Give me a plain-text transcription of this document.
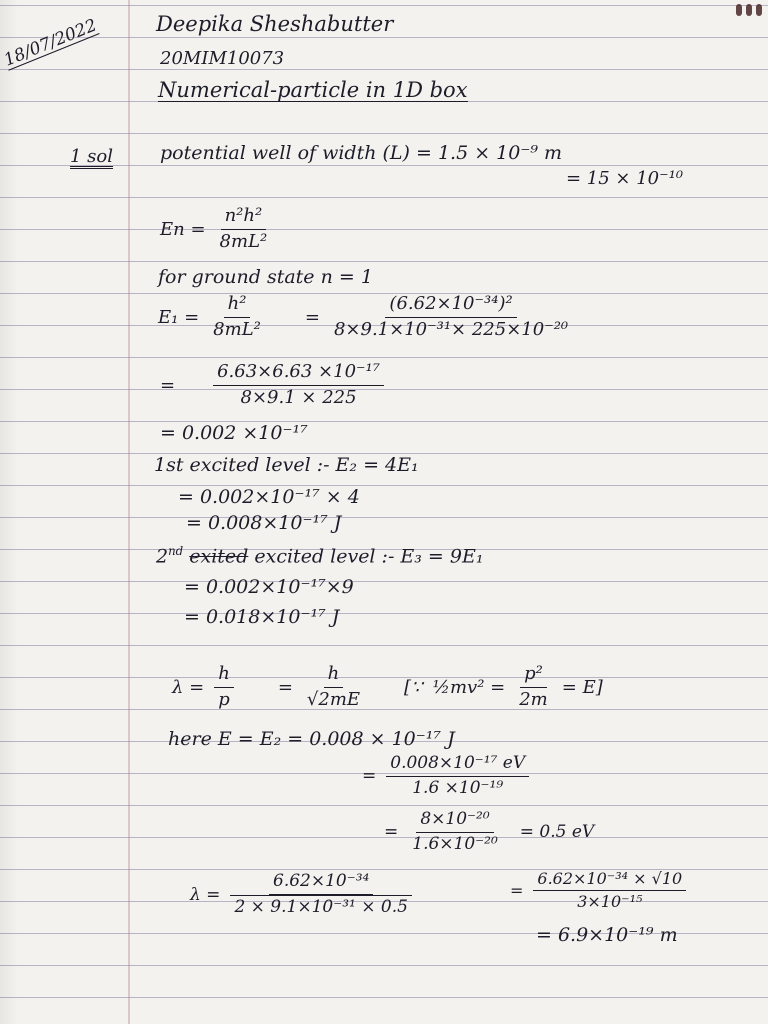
18/07/2022	Deepika Sheshabutter
20MIM10073
Numerical-particle in 1D box
1 sol potential well of width (L) = 1.5 × 10⁻⁹ m
= 15 × 10⁻¹⁰
$En = \frac{\text{n²h²}}{\text{8mL²}}$
for ground state n = 1
$E_1 = \frac{\text{h²}}{\text{8mL²}} = \frac{\text{(6.62×10⁻³⁴)²}}{\text{8×9.1×10⁻³¹× 225×10⁻²⁰}}$
= $\frac{\text{6.63×6.63 ×10⁻¹⁷}}{8\times 9.1 \times 225}$
= 0.002 ×10⁻¹⁷
1st excited level :- E₂ = 4E₁
= 0.002×10⁻¹⁷ × 4
= 0.008×10⁻¹⁷ J
2nd exited excited level :- E₃ = 9E₁
= 0.002×10⁻¹⁷×9
= 0.018×10⁻¹⁷ J
$\lambda = \frac{h}{p} = \frac{h}{√2mE}$ [∵ ½mv² = $\frac{\text{p²}}{2m} = E$]
here E = E₂ = 0.008 × 10⁻¹⁷ J
= $\frac{\text{0.008×10⁻¹⁷ eV}}{\text{1.6 ×10⁻¹⁹}}$
= $\frac{\text{8×10⁻²⁰}}{\text{1.6×10⁻²⁰}} = 0.5$ eV
$\lambda = \frac{\text{6.62×10⁻³⁴}}{\text{2 × 9.1×10⁻³¹ × 0.5}}$	= $\frac{\text{6.62×10⁻³⁴ × √10}}{\text{3×10⁻¹⁵}}$
= 6.9×10⁻¹⁹ m
